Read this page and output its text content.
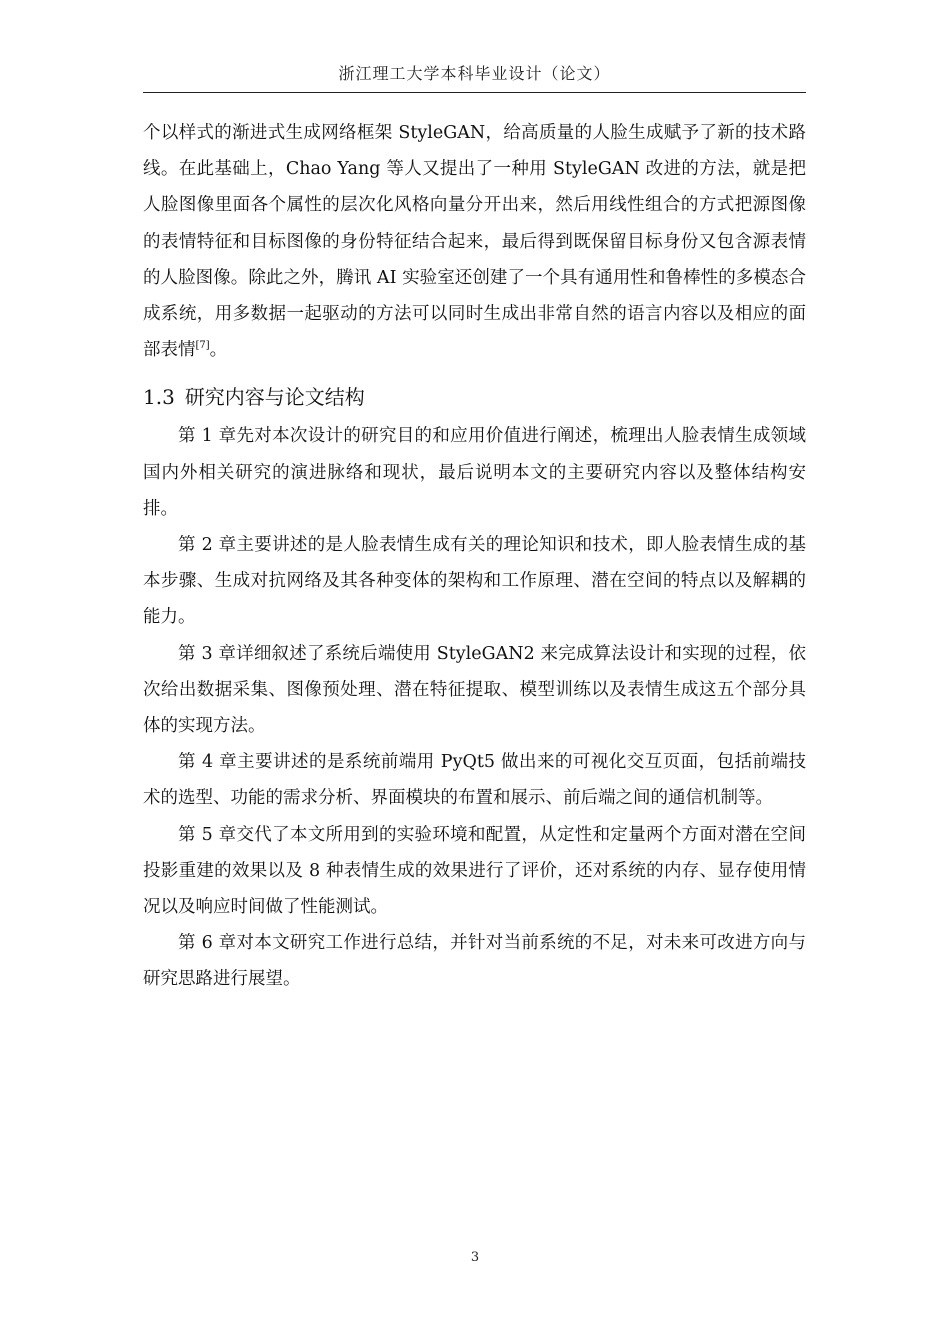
浙江理工大学本科毕业设计（论文）

个以样式的渐进式生成网络框架 StyleGAN，给高质量的人脸生成赋予了新的技术路线。在此基础上，Chao Yang 等人又提出了一种用 StyleGAN 改进的方法，就是把人脸图像里面各个属性的层次化风格向量分开出来，然后用线性组合的方式把源图像的表情特征和目标图像的身份特征结合起来，最后得到既保留目标身份又包含源表情的人脸图像。除此之外，腾讯 AI 实验室还创建了一个具有通用性和鲁棒性的多模态合成系统，用多数据一起驱动的方法可以同时生成出非常自然的语言内容以及相应的面部表情[7]。

1.3 研究内容与论文结构

第 1 章先对本次设计的研究目的和应用价值进行阐述，梳理出人脸表情生成领域国内外相关研究的演进脉络和现状，最后说明本文的主要研究内容以及整体结构安排。

第 2 章主要讲述的是人脸表情生成有关的理论知识和技术，即人脸表情生成的基本步骤、生成对抗网络及其各种变体的架构和工作原理、潜在空间的特点以及解耦的能力。

第 3 章详细叙述了系统后端使用 StyleGAN2 来完成算法设计和实现的过程，依次给出数据采集、图像预处理、潜在特征提取、模型训练以及表情生成这五个部分具体的实现方法。

第 4 章主要讲述的是系统前端用 PyQt5 做出来的可视化交互页面，包括前端技术的选型、功能的需求分析、界面模块的布置和展示、前后端之间的通信机制等。

第 5 章交代了本文所用到的实验环境和配置，从定性和定量两个方面对潜在空间投影重建的效果以及 8 种表情生成的效果进行了评价，还对系统的内存、显存使用情况以及响应时间做了性能测试。

第 6 章对本文研究工作进行总结，并针对当前系统的不足，对未来可改进方向与研究思路进行展望。

3
